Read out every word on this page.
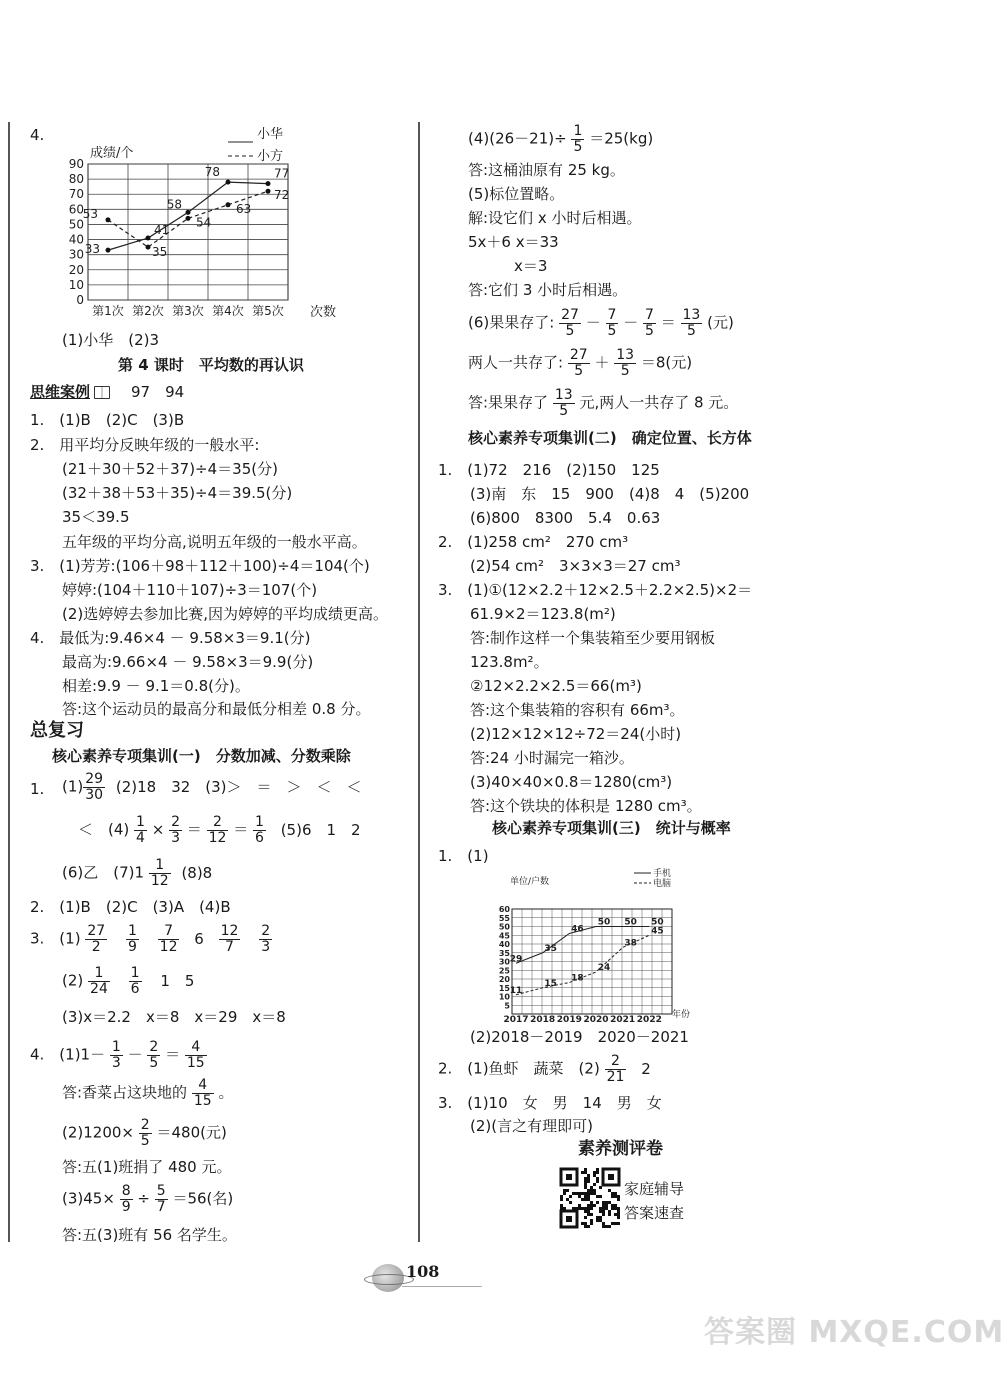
4.
0
10
20
30
40
50
60
70
80
90
第1次 第2次 第3次 第4次 第5次
33
41
58
78	77
53
35
54
63
72
成绩/个
次数
小华
小方
(1)小华　(2)3
第 4 课时　平均数的再认识
思维案例	97　94
1.　(1)B　(2)C　(3)B
2.　用平均分反映年级的一般水平:
(21＋30＋52＋37)÷4＝35(分)
(32＋38＋53＋35)÷4＝39.5(分)
35＜39.5
五年级的平均分高,说明五年级的一般水平高。
3.　(1)芳芳:(106＋98＋112＋100)÷4＝104(个)
婷婷:(104＋110＋107)÷3＝107(个)
(2)选婷婷去参加比赛,因为婷婷的平均成绩更高。
4.　最低为:9.46×4 － 9.58×3＝9.1(分)
最高为:9.66×4 － 9.58×3＝9.9(分)
相差:9.9 － 9.1＝0.8(分)。
答:这个运动员的最高分和最低分相差 0.8 分。
总复习
核心素养专项集训(一)　分数加减、分数乘除
1. $(1) \frac{29}{30} (2)18$　32　(3)＞　＝　＞　＜　＜
＜　$(4) \frac{1}{4} \times \frac{2}{3} = \frac{2}{12} = \frac{1}{6} (5)6$　1　2
(6)乙　$(7)1 \frac{1}{12} (8)8$
2.　(1)B　(2)C　(3)A　(4)B
3.　$(1) \frac{27}{2}$
$\frac{1}{9}$
$\frac{7}{12} 6 \frac{12}{7}$
$\frac{2}{3}$
$(2) \frac{1}{24}$
$\frac{1}{6} 1$　5
(3)x＝2.2　x＝8　x＝29　x＝8
4.　$(1)1- \frac{1}{3} - \frac{2}{5} = \frac{4}{15}$
答:香菜占这块地的 $\frac{4}{15}$ 。
$(2)1200\times \frac{2}{5} =480$(元)
答:五(1)班捐了 480 元。
$(3)45\times \frac{8}{9} \div \frac{5}{7} =56$(名)
答:五(3)班有 56 名学生。
$(4)(26-21)\div \frac{1}{5} =25(kg)$
答:这桶油原有 25 kg。
(5)标位置略。
解:设它们 x 小时后相遇。
5x＋6 x＝33
x＝3
答:它们 3 小时后相遇。
(6)果果存了: $\frac{27}{5} - \frac{7}{5} - \frac{7}{5} = \frac{13}{5}$ (元)
两人一共存了: $\frac{27}{5} + \frac{13}{5} =8$(元)
答:果果存了 $\frac{13}{5}$ 元,两人一共存了 8 元。
核心素养专项集训(二)　确定位置、长方体
1.　(1)72　216　(2)150　125
(3)南　东　15　900　(4)8　4　(5)200
(6)800　8300　5.4　0.63
2.　(1)258 cm²　270 cm³
(2)54 cm²　3×3×3＝27 cm³
3.　(1)①(12×2.2＋12×2.5＋2.2×2.5)×2＝
61.9×2＝123.8(m²)
答:制作这样一个集装箱至少要用钢板
123.8m²。
②12×2.2×2.5＝66(m³)
答:这个集装箱的容积有 66m³。
(2)12×12×12÷72＝24(小时)
答:24 小时漏完一箱沙。
(3)40×40×0.8＝1280(cm³)
答:这个铁块的体积是 1280 cm³。
核心素养专项集训(三)　统计与概率
1.　(1)
5
10
15
20
25
30
35
40
45
50
55
60
2017 2018 2019 2020 2021 2022
29
35
46
50 50 50
11
15
18
24
38
45
单位/户数
年份
手机
电脑
(2)2018－2019　2020－2021
2.　(1)鱼虾　蔬菜　$(2) \frac{2}{21} 2$
3.　(1)10　女　男　14　男　女
(2)(言之有理即可)
素养测评卷
家庭辅导
答案速查
108
答案圈 MXQE.COM
